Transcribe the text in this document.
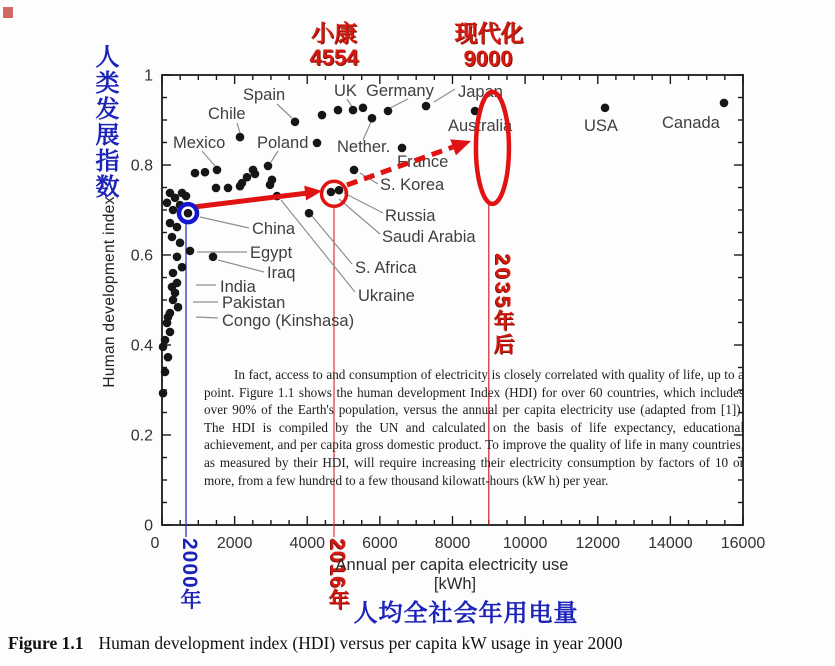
0	2000 4000 6000 8000 10000 12000 14000 16000
0
0.2
0.4
0.6
0.8
1
Spain
Chile
Mexico Poland Nether.
UK Germany Japan
Australia	USA	Canada
France
S. Korea
Russia
Saudi Arabia
S. Africa
Ukraine
China
Egypt
Iraq
India
Pakistan
Congo (Kinshasa)
人类发展指数
Human development index
小康
4554
现代化
9000
2035年后
2000年	2016年
Annual per capita electricity use
[kWh]
人均全社会年用电量
In fact, access to and consumption of electricity is closely correlated with quality of life, up to a point. Figure 1.1 shows the human development Index (HDI) for over 60 countries, which includes over 90% of the Earth's population, versus the annual per capita electricity use (adapted from [1]). The HDI is compiled by the UN and calculated on the basis of life expectancy, educational achievement, and per capita gross domestic product. To improve the quality of life in many countries, as measured by their HDI, will require increasing their electricity consumption by factors of 10 or more, from a few hundred to a few thousand kilowatt-hours (kW h) per year.
Figure 1.1 Human development index (HDI) versus per capita kW usage in year 2000
